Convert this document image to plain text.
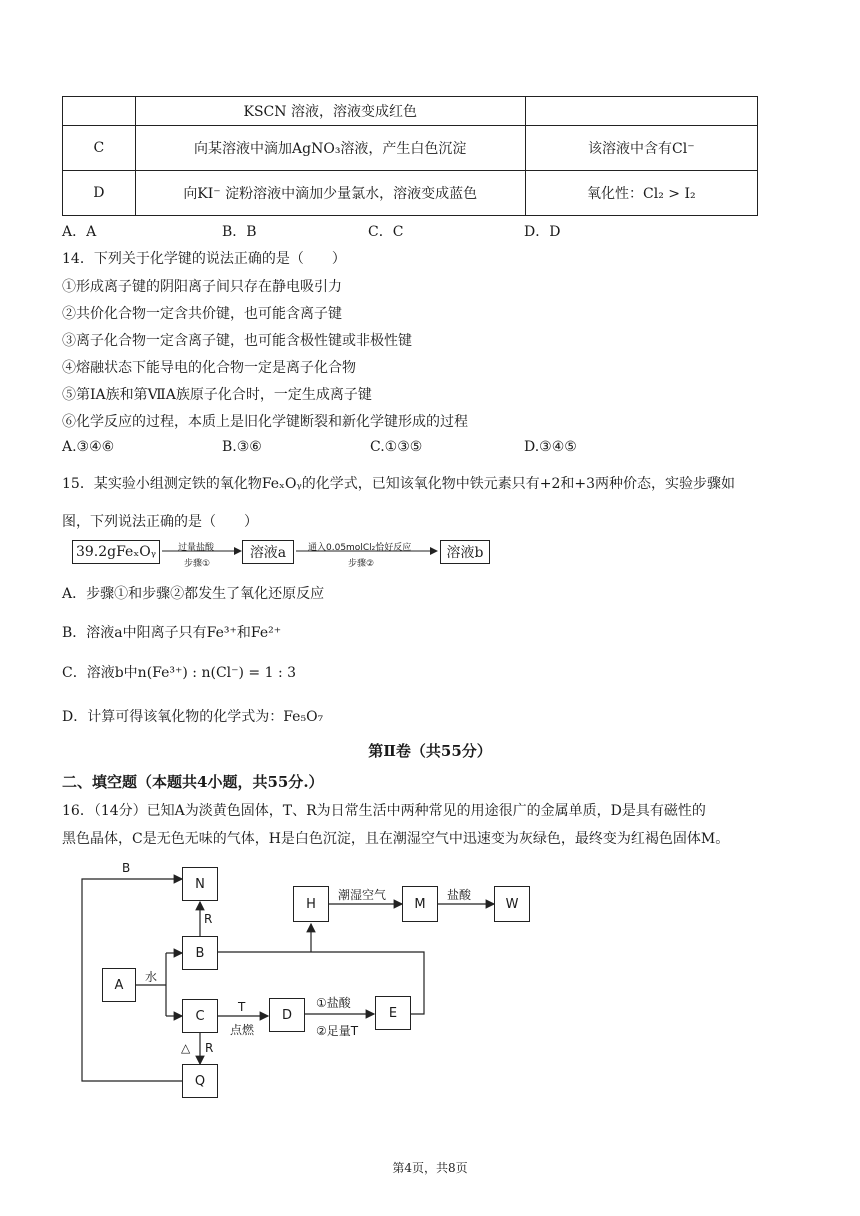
	KSCN 溶液，溶液变成红色	
C	向某溶液中滴加AgNO₃溶液，产生白色沉淀	该溶液中含有Cl⁻
D	向KI⁻ 淀粉溶液中滴加少量氯水，溶液变成蓝色	氧化性：Cl₂ > I₂
A．A	B．B	C．C	D．D
14．下列关于化学键的说法正确的是（　　）
①形成离子键的阴阳离子间只存在静电吸引力
②共价化合物一定含共价键，也可能含离子键
③离子化合物一定含离子键，也可能含极性键或非极性键
④熔融状态下能导电的化合物一定是离子化合物
⑤第ⅠA族和第ⅦA族原子化合时，一定生成离子键
⑥化学反应的过程，本质上是旧化学键断裂和新化学键形成的过程
A.③④⑥	B.③⑥	C.①③⑤	D.③④⑤
15．某实验小组测定铁的氧化物FeₓOᵧ的化学式，已知该氧化物中铁元素只有+2和+3两种价态，实验步骤如
图，下列说法正确的是（　　）
39.2gFeₓOᵧ	过量盐酸
步骤①
溶液a	通入0.05molCl₂恰好反应
步骤②
溶液b
A．步骤①和步骤②都发生了氧化还原反应
B．溶液a中阳离子只有Fe³⁺和Fe²⁺
C．溶液b中n(Fe³⁺) : n(Cl⁻) = 1 : 3
D．计算可得该氧化物的化学式为：Fe₅O₇
第Ⅱ卷（共55分）
二、填空题（本题共4小题，共55分.）
16．（14分）已知A为淡黄色固体，T、R为日常生活中两种常见的用途很广的金属单质，D是具有磁性的
黑色晶体，C是无色无味的气体，H是白色沉淀，且在潮湿空气中迅速变为灰绿色，最终变为红褐色固体M。
A
B
C	D	E
H	M
N
Q
W
B
R
水
T
点燃
①盐酸
②足量T
△ R
潮湿空气	盐酸
第4页，共8页
